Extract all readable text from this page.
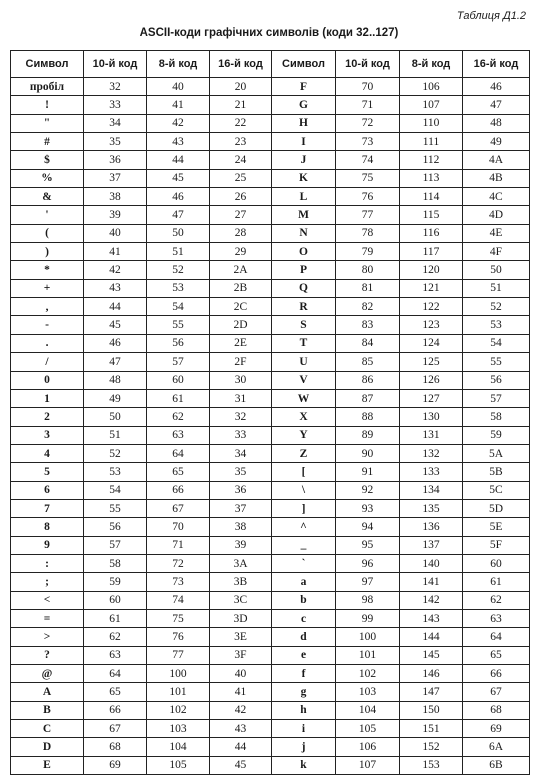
Таблиця Д1.2
ASCII-коди графічних символів (коди 32..127)
Символ	10-й код	8-й код	16-й код	Символ	10-й код	8-й код	16-й код
пробіл	32	40	20	F	70	106	46
!	33	41	21	G	71	107	47
"	34	42	22	H	72	110	48
#	35	43	23	I	73	111	49
$	36	44	24	J	74	112	4A
%	37	45	25	K	75	113	4B
&	38	46	26	L	76	114	4C
'	39	47	27	M	77	115	4D
(	40	50	28	N	78	116	4E
)	41	51	29	O	79	117	4F
*	42	52	2A	P	80	120	50
+	43	53	2B	Q	81	121	51
,	44	54	2C	R	82	122	52
-	45	55	2D	S	83	123	53
.	46	56	2E	T	84	124	54
/	47	57	2F	U	85	125	55
0	48	60	30	V	86	126	56
1	49	61	31	W	87	127	57
2	50	62	32	X	88	130	58
3	51	63	33	Y	89	131	59
4	52	64	34	Z	90	132	5A
5	53	65	35	[	91	133	5B
6	54	66	36	\	92	134	5C
7	55	67	37	]	93	135	5D
8	56	70	38	^	94	136	5E
9	57	71	39	_	95	137	5F
:	58	72	3A	`	96	140	60
;	59	73	3B	a	97	141	61
<	60	74	3C	b	98	142	62
=	61	75	3D	c	99	143	63
>	62	76	3E	d	100	144	64
?	63	77	3F	e	101	145	65
@	64	100	40	f	102	146	66
A	65	101	41	g	103	147	67
B	66	102	42	h	104	150	68
C	67	103	43	i	105	151	69
D	68	104	44	j	106	152	6A
E	69	105	45	k	107	153	6B
